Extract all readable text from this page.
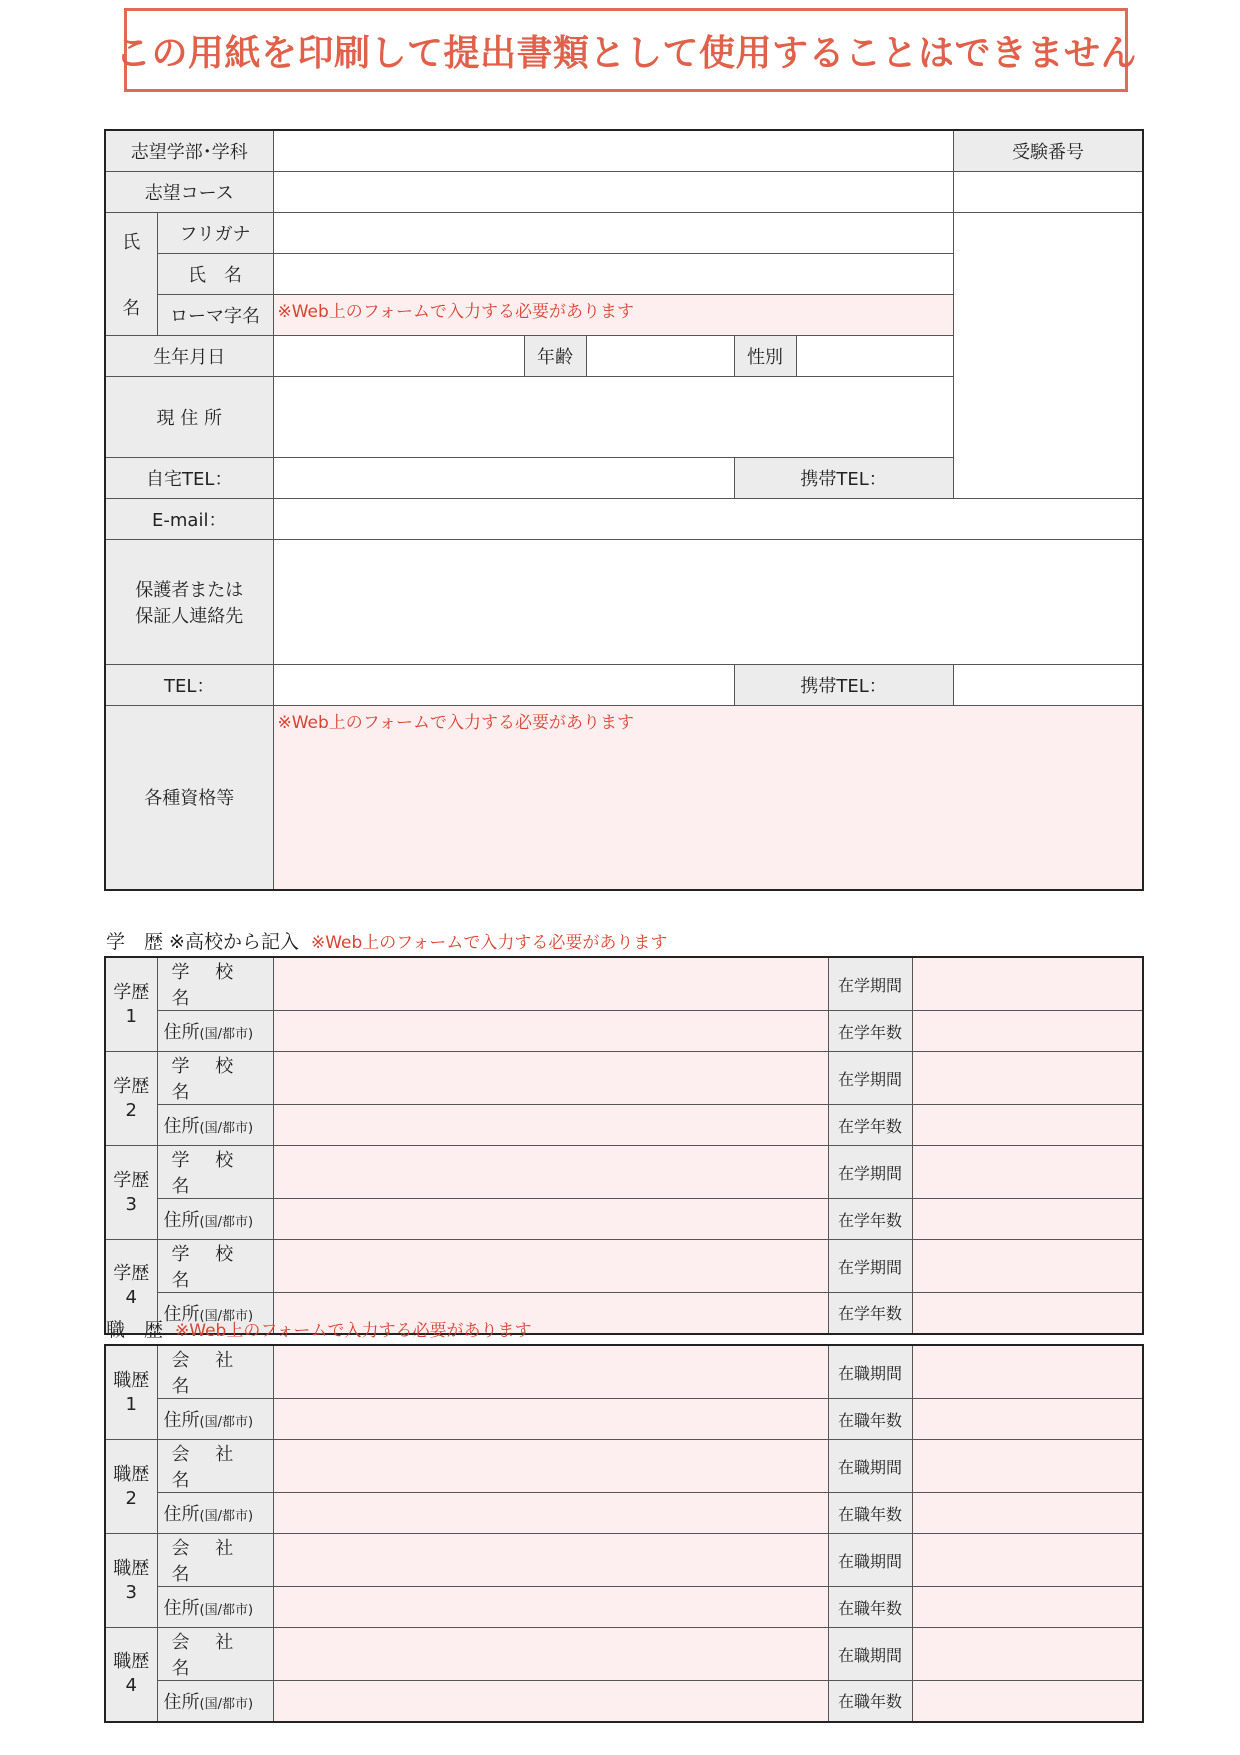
この用紙を印刷して提出書類として使用することはできません
志望学部･学科							受験番号	
志望コース								

氏
名	フリガナ							
	氏　名							
	ローマ字名	※Web上のフォームで入力する必要があります						
生年月日			年齢		性別			
現 住 所								
自宅TEL：					携帯TEL：			
E-mail：								

保護者または
保証人連絡先								

TEL：					携帯TEL：			
各種資格等		※Web上のフォームで入力する必要があります						
学　歴 ※高校から記入 ※Web上のフォームで入力する必要があります
学歴
1	学 校 名		在学期間	
	住所(国/都市)		在学年数	

学歴
2	学 校 名		在学期間	
	住所(国/都市)		在学年数	

学歴
3	学 校 名		在学期間	
	住所(国/都市)		在学年数	

学歴
4	学 校 名		在学期間	
	住所(国/都市)		在学年数	
職　歴 ※Web上のフォームで入力する必要があります
職歴
1	会 社 名		在職期間	
	住所(国/都市)		在職年数	

職歴
2	会 社 名		在職期間	
	住所(国/都市)		在職年数	

職歴
3	会 社 名		在職期間	
	住所(国/都市)		在職年数	

職歴
4	会 社 名		在職期間	
	住所(国/都市)		在職年数	
